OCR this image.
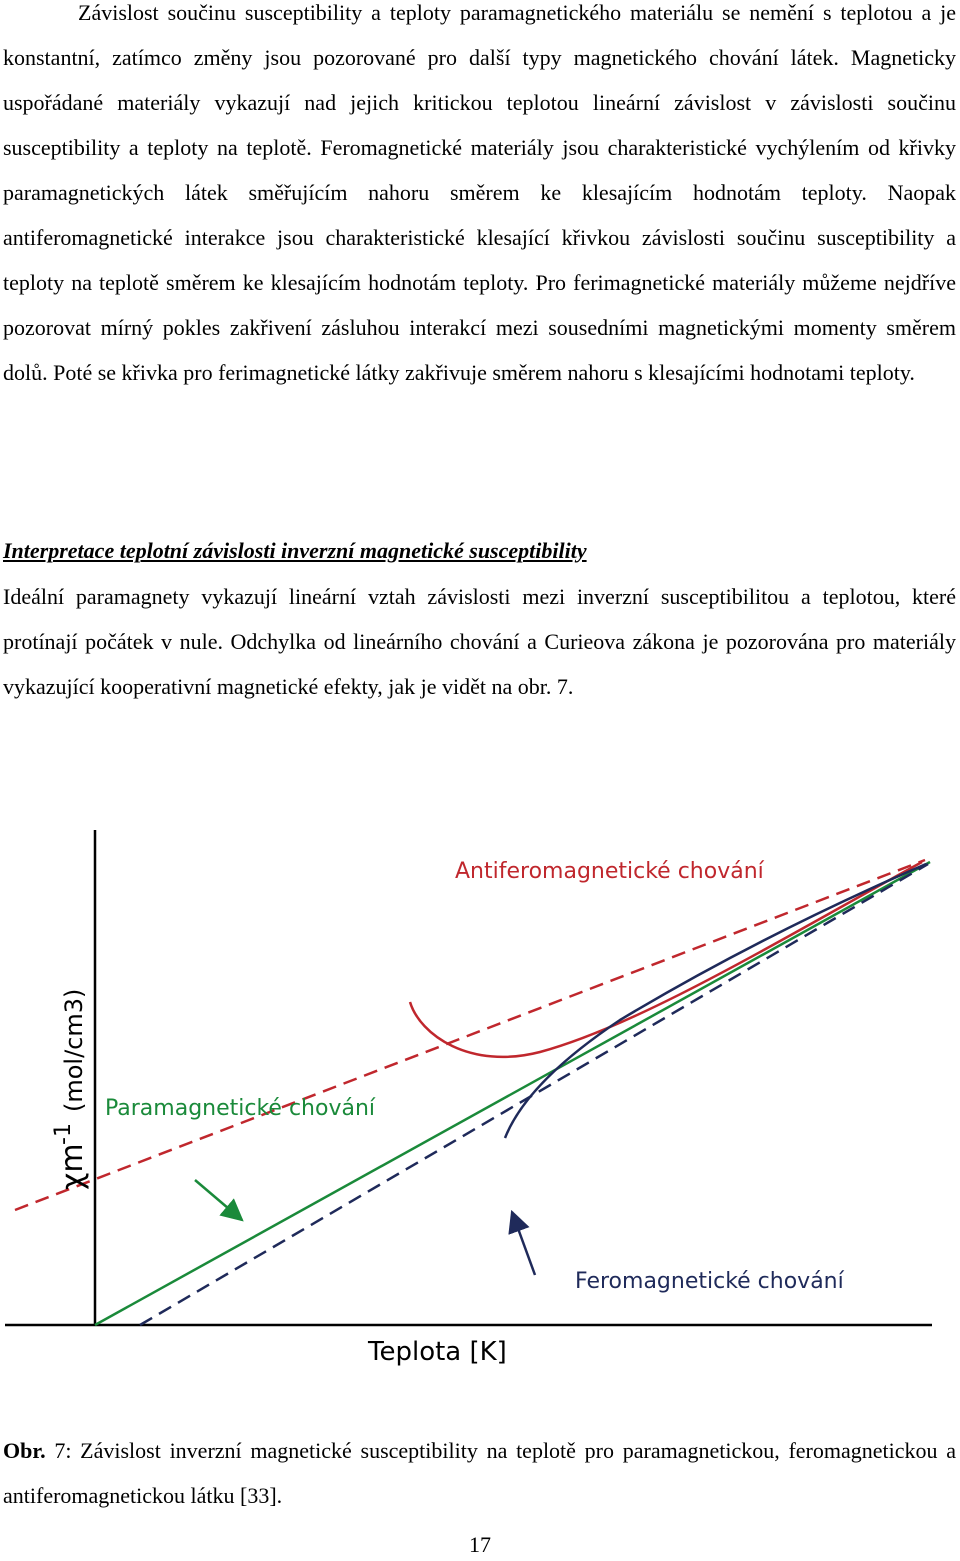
Závislost součinu susceptibility a teploty paramagnetického materiálu se nemění s teplotou a je konstantní, zatímco změny jsou pozorované pro další typy magnetického chování látek. Magneticky uspořádané materiály vykazují nad jejich kritickou teplotou lineární závislost v závislosti součinu susceptibility a teploty na teplotě. Feromagnetické materiály jsou charakteristické vychýlením od křivky paramagnetických látek směřujícím nahoru směrem ke klesajícím hodnotám teploty. Naopak antiferomagnetické interakce jsou charakteristické klesající křivkou závislosti součinu susceptibility a teploty na teplotě směrem ke klesajícím hodnotám teploty. Pro ferimagnetické materiály můžeme nejdříve pozorovat mírný pokles zakřivení zásluhou interakcí mezi sousedními magnetickými momenty směrem dolů. Poté se křivka pro ferimagnetické látky zakřivuje směrem nahoru s klesajícími hodnotami teploty.

Interpretace teplotní závislosti inverzní magnetické susceptibility

Ideální paramagnety vykazují lineární vztah závislosti mezi inverzní susceptibilitou a teplotou, které protínají počátek v nule. Odchylka od lineárního chování a Curieova zákona je pozorována pro materiály vykazující kooperativní magnetické efekty, jak je vidět na obr. 7.

Antiferomagnetické chování
Paramagnetické chování
Feromagnetické chování
χm
-1
(mol/cm3)
Teplota [K]

Obr. 7: Závislost inverzní magnetické susceptibility na teplotě pro paramagnetickou, feromagnetickou a antiferomagnetickou látku [33].

17
